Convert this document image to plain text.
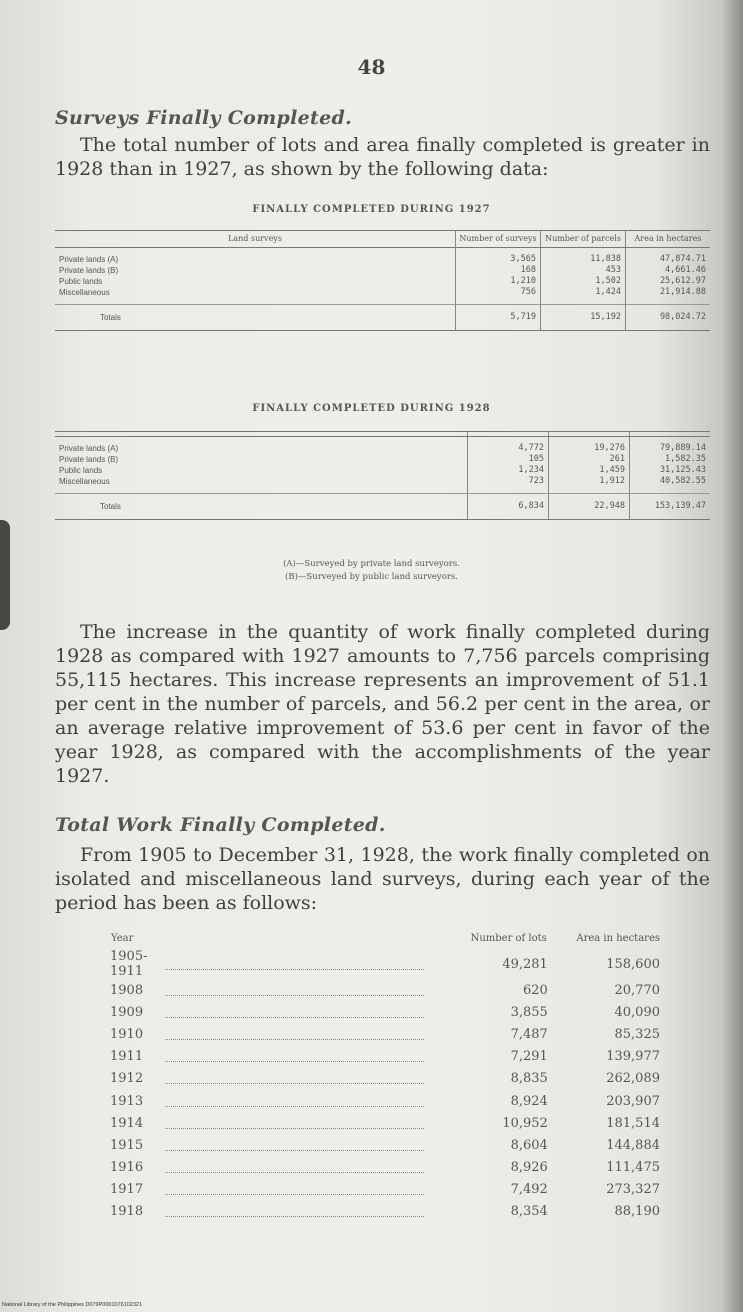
48
Surveys Finally Completed.
The total number of lots and area finally completed is greater in 1928 than in 1927, as shown by the following data:
FINALLY COMPLETED DURING 1927
Land surveys	Number of surveys	Number of parcels	Area in hectares
Private lands (A)	3,565	11,838	47,874.71
Private lands (B)	168	453	4,661.46
Public lands	1,210	1,502	25,612.97
Miscellaneous	756	1,424	21,914.88
Totals	5,719	15,192	98,024.72
FINALLY COMPLETED DURING 1928

Private lands (A)	4,772	19,276	79,889.14
Private lands (B)	105	261	1,582.35
Public lands	1,234	1,459	31,125.43
Miscellaneous	723	1,912	40,582.55
Totals	6,834	22,948	153,139.47
(A)—Surveyed by private land surveyors.
(B)—Surveyed by public land surveyors.
The increase in the quantity of work finally completed during 1928 as compared with 1927 amounts to 7,756 parcels comprising 55,115 hectares. This increase represents an improvement of 51.1 per cent in the number of parcels, and 56.2 per cent in the area, or an average relative improvement of 53.6 per cent in favor of the year 1928, as compared with the accomplishments of the year 1927.
Total Work Finally Completed.
From 1905 to December 31, 1928, the work finally completed on isolated and miscellaneous land surveys, during each year of the period has been as follows:
Year		Number of lots	Area in hectares
1905-1911		49,281	158,600
1908		620	20,770
1909		3,855	40,090
1910		7,487	85,325
1911		7,291	139,977
1912		8,835	262,089
1913		8,924	203,907
1914		10,952	181,514
1915		8,604	144,884
1916		8,926	111,475
1917		7,492	273,327
1918		8,354	88,190
National Library of the Philippines D079P0001076102321
